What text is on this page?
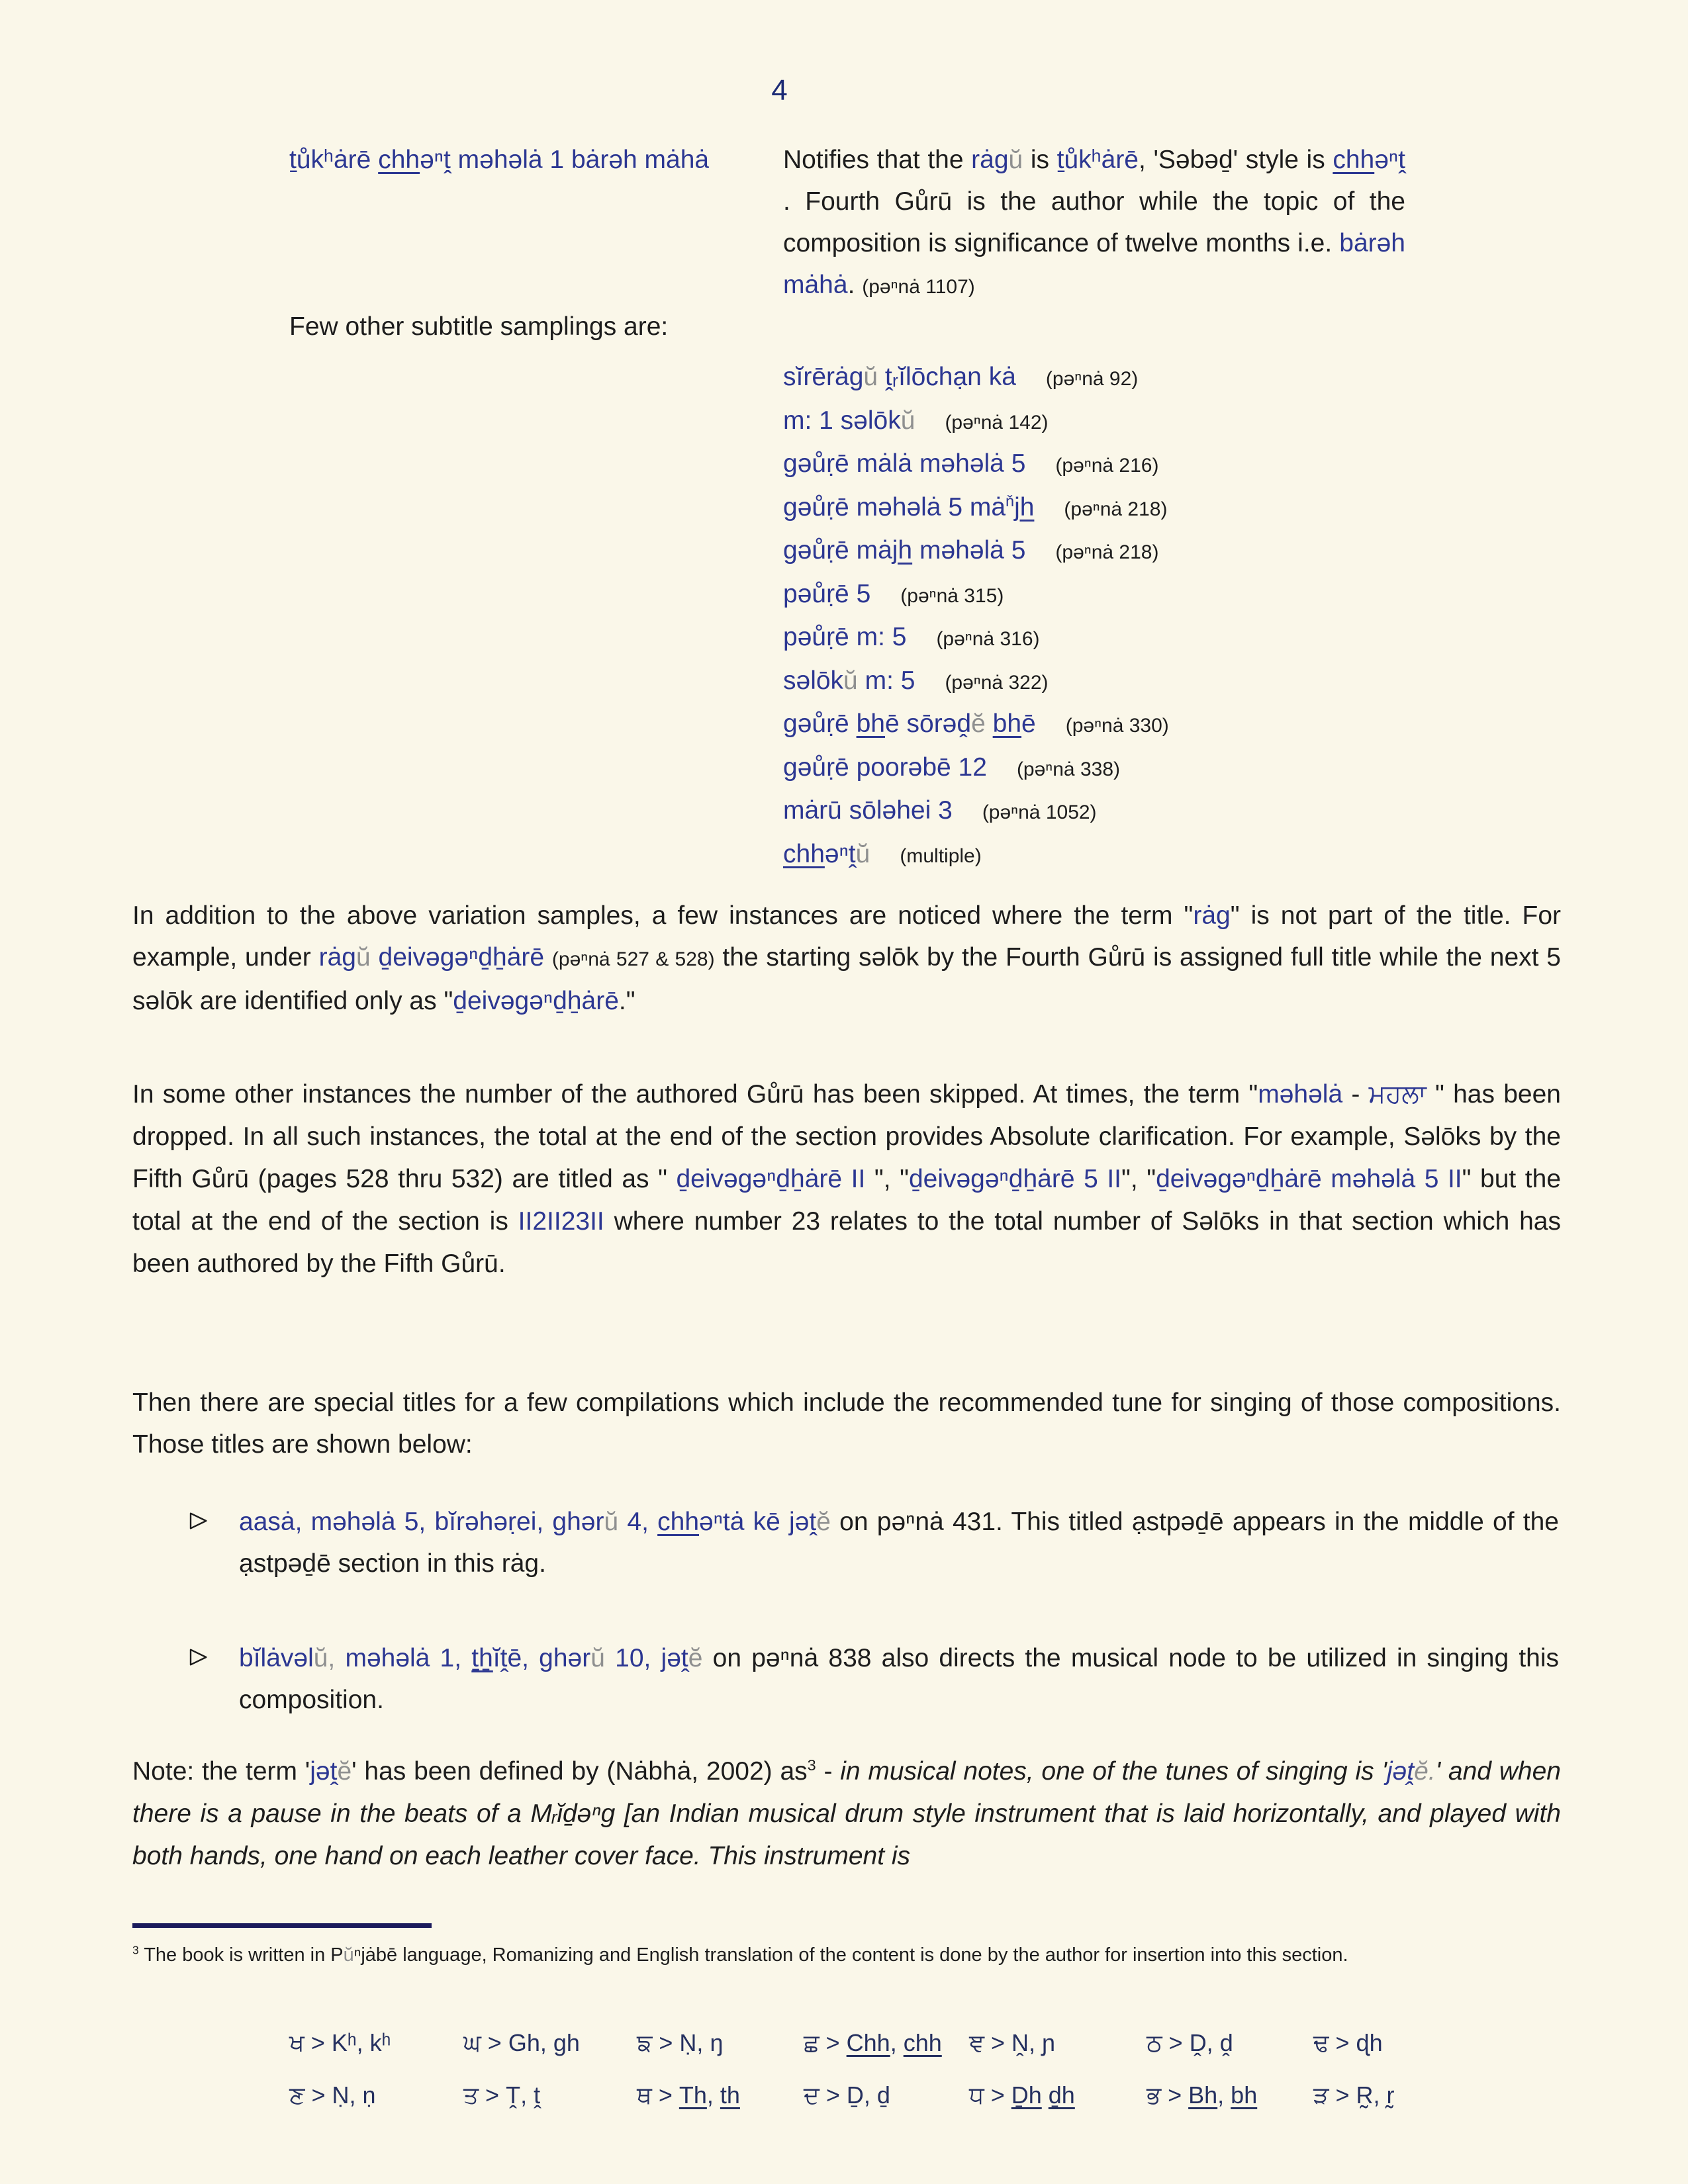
4
ṯůkʰȧrē chhəⁿṱ məhəlȧ 1 bȧrəh mȧhȧ
Few other subtitle samplings are:
Notifies that the rȧgŭ is ṯůkʰȧrē, 'Səbəḏ' style is chhəⁿṱ . Fourth Gůrū is the author while the topic of the composition is significance of twelve months i.e. bȧrəh mȧhȧ. (pəⁿnȧ 1107)
sĭrērȧgŭ ṱᵣĭlōchạn kȧ (pəⁿnȧ 92)
m: 1 səlōkŭ (pəⁿnȧ 142)
gəůṛē mȧlȧ məhəlȧ 5 (pəⁿnȧ 216)
gəůṛē məhəlȧ 5 $mȧ^ňjh$ (pəⁿnȧ 218)
gəůṛē mȧjh məhəlȧ 5 (pəⁿnȧ 218)
pəůṛē 5 (pəⁿnȧ 315)
pəůṛē m: 5 (pəⁿnȧ 316)
səlōkŭ m: 5 (pəⁿnȧ 322)
gəůṛē bhē sōrəḓĕ bhē (pəⁿnȧ 330)
gəůṛē poorəbē 12 (pəⁿnȧ 338)
mȧrū sōləhei 3 (pəⁿnȧ 1052)
chhəⁿṱŭ (multiple)
In addition to the above variation samples, a few instances are noticed where the term "rȧg" is not part of the title. For example, under rȧgŭ ḏeivəgəⁿḏẖȧrē (pəⁿnȧ 527 & 528) the starting səlōk by the Fourth Gůrū is assigned full title while the next 5 səlōk are identified only as "ḏeivəgəⁿḏẖȧrē."
In some other instances the number of the authored Gůrū has been skipped. At times, the term "məhəlȧ - ਮਹਲਾ " has been dropped. In all such instances, the total at the end of the section provides Absolute clarification. For example, Səlōks by the Fifth Gůrū (pages 528 thru 532) are titled as " ḏeivəgəⁿḏẖȧrē II ", "ḏeivəgəⁿḏẖȧrē 5 II", "ḏeivəgəⁿḏẖȧrē məhəlȧ 5 II" but the total at the end of the section is II2II23II where number 23 relates to the total number of Səlōks in that section which has been authored by the Fifth Gůrū.
Then there are special titles for a few compilations which include the recommended tune for singing of those compositions. Those titles are shown below:
aasȧ, məhəlȧ 5, bĭrəhəṛei, ghərŭ 4, chhəⁿtȧ kē jəṱĕ on pəⁿnȧ 431. This titled ạstpəḏē appears in the middle of the ạstpəḏē section in this rȧg.
bĭlȧvəlŭ, məhəlȧ 1, ṯẖĭṱē, ghərŭ 10, jəṱĕ on pəⁿnȧ 838 also directs the musical node to be utilized in singing this composition.
Note: the term 'jəṱĕ' has been defined by (Nȧbhȧ, 2002) $as^3$ - in musical notes, one of the tunes of singing is 'jəṱĕ.' and when there is a pause in the beats of a Mᵣĭḏəⁿg [an Indian musical drum style instrument that is laid horizontally, and played with both hands, one hand on each leather cover face. This instrument is
$^3$ The book is written in Pŭⁿjȧbē language, Romanizing and English translation of the content is done by the author for insertion into this section.
ਖ > Kʰ, kʰ	ਘ > Gh, gh	ਙ > Ṇ, ŋ	ਛ > Chh, chh	ਞ > Ṋ, ɲ	ਠ > Ḓ, ḓ	ਢ > ɖh
ਣ > Ṇ, ṇ	ਤ > Ṱ, ṱ	ਥ > Th, th	ਦ > Ḏ, ḏ	ਧ > Ḏh ḏh	ਭ > Bh, bh	ੜ > R̰, r̰
